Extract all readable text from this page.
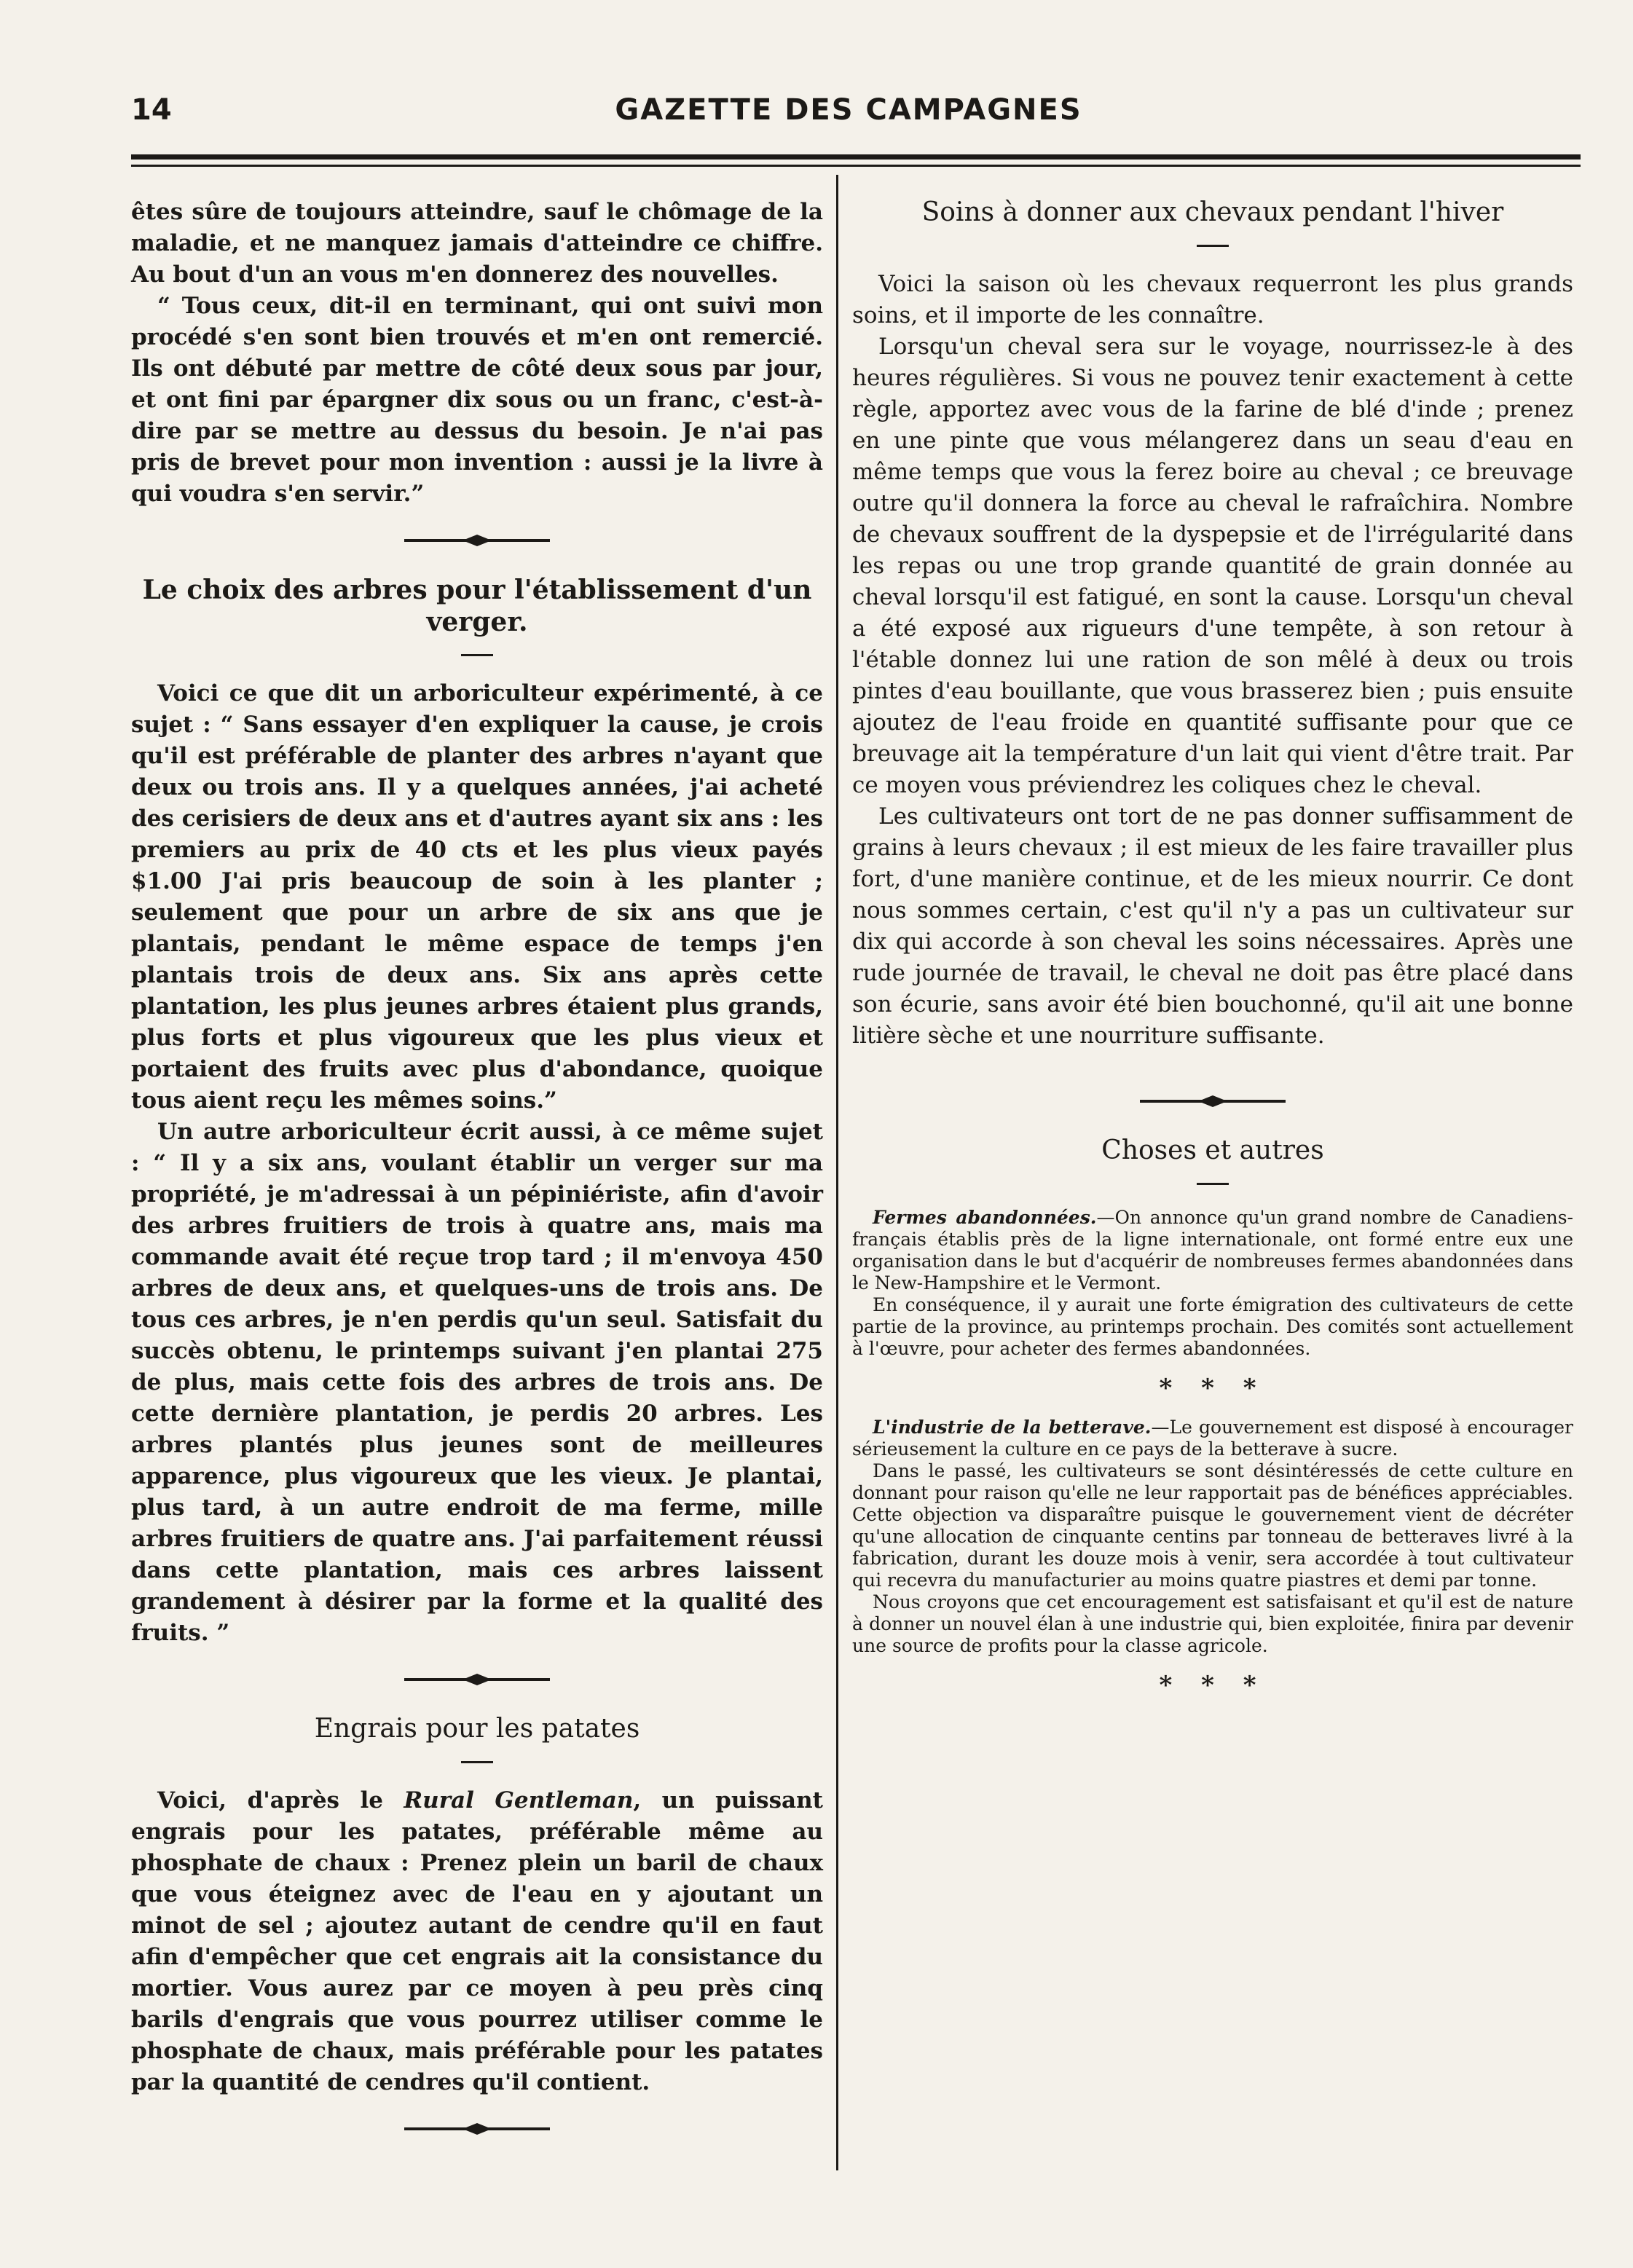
14	GAZETTE DES CAMPAGNES

êtes sûre de toujours atteindre, sauf le chômage de la maladie, et ne manquez jamais d'atteindre ce chiffre. Au bout d'un an vous m'en donnerez des nouvelles.

“ Tous ceux, dit-il en terminant, qui ont suivi mon procédé s'en sont bien trouvés et m'en ont remercié. Ils ont débuté par mettre de côté deux sous par jour, et ont fini par épargner dix sous ou un franc, c'est-à-dire par se mettre au dessus du besoin. Je n'ai pas pris de brevet pour mon invention : aussi je la livre à qui voudra s'en servir.”

Le choix des arbres pour l'établissement d'un verger.

Voici ce que dit un arboriculteur expérimenté, à ce sujet : “ Sans essayer d'en expliquer la cause, je crois qu'il est préférable de planter des arbres n'ayant que deux ou trois ans. Il y a quelques années, j'ai acheté des cerisiers de deux ans et d'autres ayant six ans : les premiers au prix de 40 cts et les plus vieux payés $1.00 J'ai pris beaucoup de soin à les planter ; seulement que pour un arbre de six ans que je plantais, pendant le même espace de temps j'en plantais trois de deux ans. Six ans après cette plantation, les plus jeunes arbres étaient plus grands, plus forts et plus vigoureux que les plus vieux et portaient des fruits avec plus d'abondance, quoique tous aient reçu les mêmes soins.”

Un autre arboriculteur écrit aussi, à ce même sujet : “ Il y a six ans, voulant établir un verger sur ma propriété, je m'adressai à un pépiniériste, afin d'avoir des arbres fruitiers de trois à quatre ans, mais ma commande avait été reçue trop tard ; il m'envoya 450 arbres de deux ans, et quelques-uns de trois ans. De tous ces arbres, je n'en perdis qu'un seul. Satisfait du succès obtenu, le printemps suivant j'en plantai 275 de plus, mais cette fois des arbres de trois ans. De cette dernière plantation, je perdis 20 arbres. Les arbres plantés plus jeunes sont de meilleures apparence, plus vigoureux que les vieux. Je plantai, plus tard, à un autre endroit de ma ferme, mille arbres fruitiers de quatre ans. J'ai parfaitement réussi dans cette plantation, mais ces arbres laissent grandement à désirer par la forme et la qualité des fruits. ”

Engrais pour les patates

Voici, d'après le Rural Gentleman, un puissant engrais pour les patates, préférable même au phosphate de chaux : Prenez plein un baril de chaux que vous éteignez avec de l'eau en y ajoutant un minot de sel ; ajoutez autant de cendre qu'il en faut afin d'empêcher que cet engrais ait la consistance du mortier. Vous aurez par ce moyen à peu près cinq barils d'engrais que vous pourrez utiliser comme le phosphate de chaux, mais préférable pour les patates par la quantité de cendres qu'il contient.

Soins à donner aux chevaux pendant l'hiver

Voici la saison où les chevaux requerront les plus grands soins, et il importe de les connaître.

Lorsqu'un cheval sera sur le voyage, nourrissez-le à des heures régulières. Si vous ne pouvez tenir exactement à cette règle, apportez avec vous de la farine de blé d'inde ; prenez en une pinte que vous mélangerez dans un seau d'eau en même temps que vous la ferez boire au cheval ; ce breuvage outre qu'il donnera la force au cheval le rafraîchira. Nombre de chevaux souffrent de la dyspepsie et de l'irrégularité dans les repas ou une trop grande quantité de grain donnée au cheval lorsqu'il est fatigué, en sont la cause. Lorsqu'un cheval a été exposé aux rigueurs d'une tempête, à son retour à l'étable donnez lui une ration de son mêlé à deux ou trois pintes d'eau bouillante, que vous brasserez bien ; puis ensuite ajoutez de l'eau froide en quantité suffisante pour que ce breuvage ait la température d'un lait qui vient d'être trait. Par ce moyen vous préviendrez les coliques chez le cheval.

Les cultivateurs ont tort de ne pas donner suffisamment de grains à leurs chevaux ; il est mieux de les faire travailler plus fort, d'une manière continue, et de les mieux nourrir. Ce dont nous sommes certain, c'est qu'il n'y a pas un cultivateur sur dix qui accorde à son cheval les soins nécessaires. Après une rude journée de travail, le cheval ne doit pas être placé dans son écurie, sans avoir été bien bouchonné, qu'il ait une bonne litière sèche et une nourriture suffisante.

Choses et autres

Fermes abandonnées.—On annonce qu'un grand nombre de Canadiens-français établis près de la ligne internationale, ont formé entre eux une organisation dans le but d'acquérir de nombreuses fermes abandonnées dans le New-Hampshire et le Vermont.

En conséquence, il y aurait une forte émigration des cultivateurs de cette partie de la province, au printemps prochain. Des comités sont actuellement à l'œuvre, pour acheter des fermes abandonnées.

* * *

L'industrie de la betterave.—Le gouvernement est disposé à encourager sérieusement la culture en ce pays de la betterave à sucre.

Dans le passé, les cultivateurs se sont désintéressés de cette culture en donnant pour raison qu'elle ne leur rapportait pas de bénéfices appréciables. Cette objection va disparaître puisque le gouvernement vient de décréter qu'une allocation de cinquante centins par tonneau de betteraves livré à la fabrication, durant les douze mois à venir, sera accordée à tout cultivateur qui recevra du manufacturier au moins quatre piastres et demi par tonne.

Nous croyons que cet encouragement est satisfaisant et qu'il est de nature à donner un nouvel élan à une industrie qui, bien exploitée, finira par devenir une source de profits pour la classe agricole.

* * *
